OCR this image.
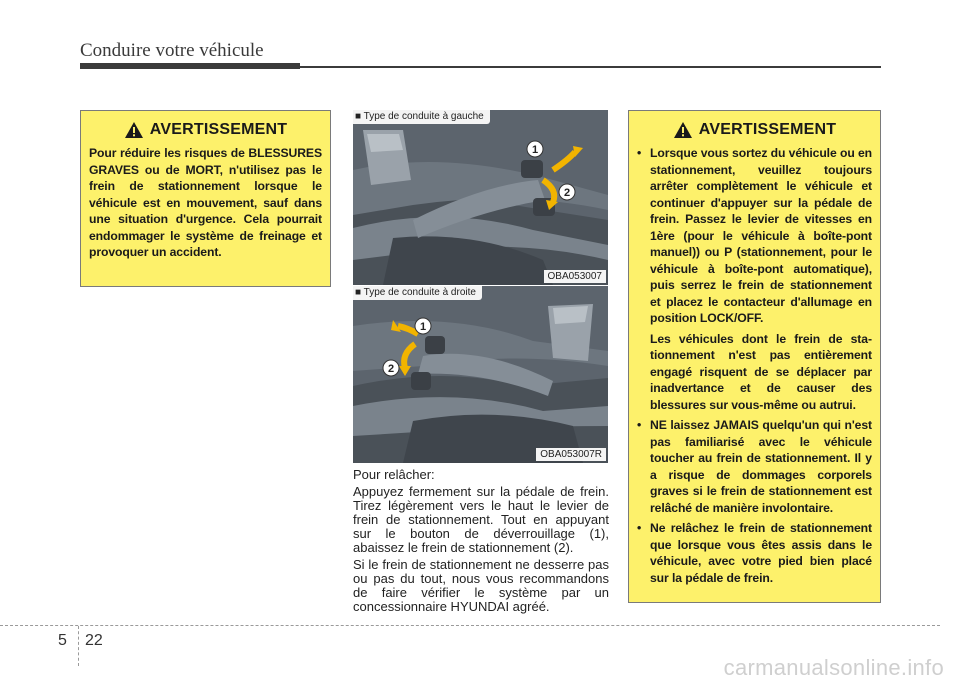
Conduire votre véhicule
AVERTISSEMENT
Pour réduire les risques de BLESSURES GRAVES ou de MORT, n'utilisez pas le frein de stationnement lorsque le véhicule est en mouvement, sauf dans une situation d'urgence. Cela pourrait endommager le système de freinage et provoquer un accident.
1
2
■ Type de conduite à gauche
OBA053007
1
2
■ Type de conduite à droite
OBA053007R

Pour relâcher:

Appuyez fermement sur la pédale de frein. Tirez légèrement vers le haut le levier de frein de stationnement. Tout en appuyant sur le bouton de déverrouillage (1), abaissez le frein de stationnement (2).

Si le frein de stationnement ne desserre pas ou pas du tout, nous vous recommandons de faire vérifier le système par un concessionnaire HYUNDAI agréé.

AVERTISSEMENT

• Lorsque vous sortez du véhicule ou en stationnement, veuillez toujours arrêter complètement le véhicule et continuer d'appuyer sur la pédale de frein. Passez le levier de vitesses en 1ère (pour le véhicule à boîte-pont manuel)) ou P (stationnement, pour le véhicule à boîte-pont automatique), puis serrez le frein de stationnement et placez le contacteur d'allumage en position LOCK/OFF.

Les véhicules dont le frein de stationnement n'est pas entièrement engagé risquent de se déplacer par inadvertance et de causer des blessures sur vous-même ou autrui.

• NE laissez JAMAIS quelqu'un qui n'est pas familiarisé avec le véhicule toucher au frein de stationnement. Il y a risque de dommages corporels graves si le frein de stationnement est relâché de manière involontaire.

• Ne relâchez le frein de stationnement que lorsque vous êtes assis dans le véhicule, avec votre pied bien placé sur la pédale de frein.

5 22
carmanualsonline.info
